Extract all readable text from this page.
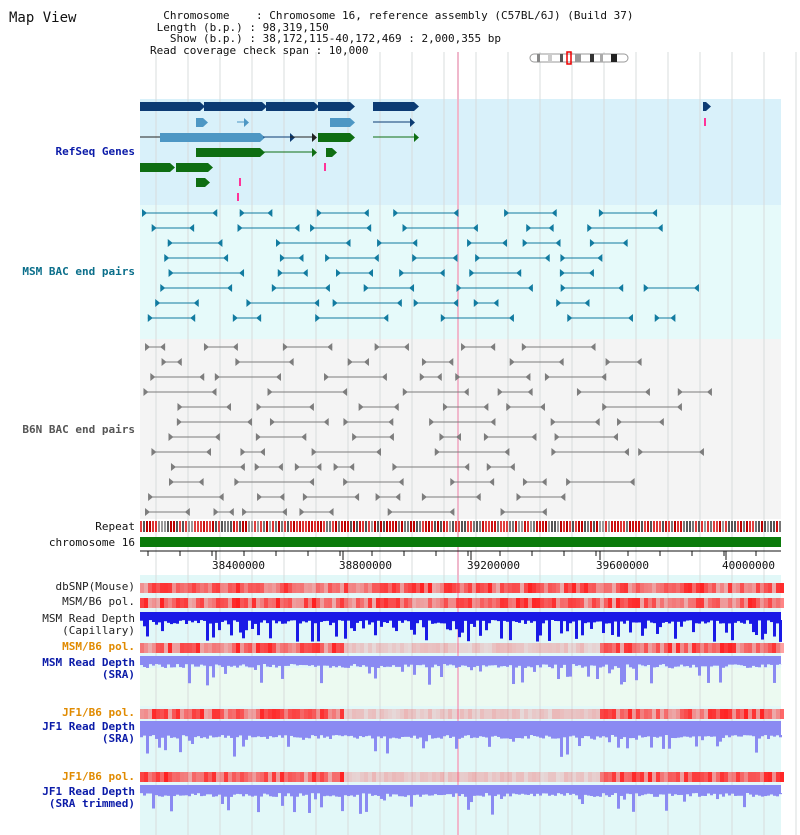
Map View	Chromosome    : Chromosome 16, reference assembly (C57BL/6J) (Build 37)
Length (b.p.) : 98,319,150
Show (b.p.) : 38,172,115-40,172,469 : 2,000,355 bp
Read coverage check span : 10,000
RefSeq Genes
MSM BAC end pairs
B6N BAC end pairs
Repeat
chromosome 16
dbSNP(Mouse)
MSM/B6 pol.
MSM Read Depth
(Capillary)
MSM/B6 pol.
MSM Read Depth
(SRA)
JF1/B6 pol.
JF1 Read Depth
(SRA)
JF1/B6 pol.
JF1 Read Depth
(SRA trimmed)
38400000	38800000	39200000	39600000	40000000
